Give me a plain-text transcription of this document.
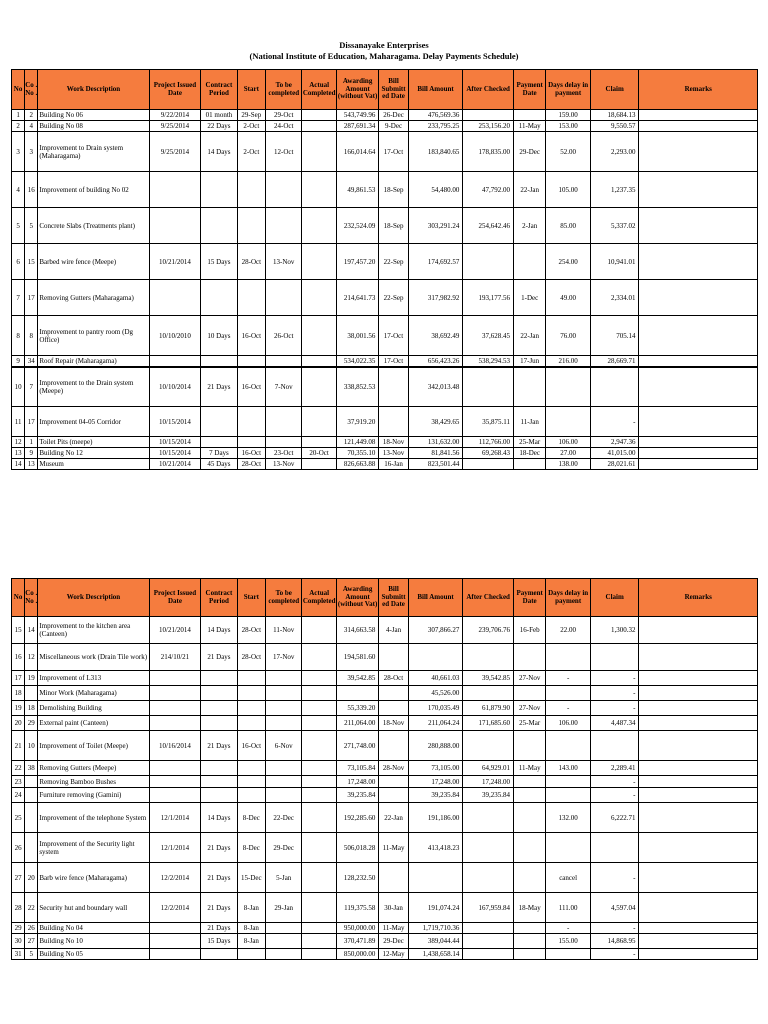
Dissanayake Enterprises
(National Institute of Education, Maharagama. Delay Payments Schedule)
No	Co . No .	Work Description	Project Issued Date	Contract Period	Start	To be completed	Actual Completed	Awarding Amount (without Vat)	Bill Submitt ed Date	Bill Amount	After Checked	Payment Date	Days delay in payment	Claim	Remarks
1	2	Building No 06	9/22/2014	01 month	29-Sep	29-Oct		543,749.96	26-Dec	476,569.36			159.00	18,684.13	
2	4	Building No 08	9/25/2014	22 Days	2-Oct	24-Oct		287,691.34	9-Dec	233,795.25	253,156.20	11-May	153.00	9,550.57	
3	3	Improvement to Drain system (Maharagama)	9/25/2014	14 Days	2-Oct	12-Oct		166,014.64	17-Oct	183,840.65	178,835.00	29-Dec	52.00	2,293.00	
4	16	Improvement of building No 02						49,861.53	18-Sep	54,480.00	47,792.00	22-Jan	105.00	1,237.35	
5	5	Concrete Slabs (Treatments plant)						232,524.09	18-Sep	303,291.24	254,642.46	2-Jan	85.00	5,337.02	
6	15	Barbed wire fence (Meepe)	10/21/2014	15 Days	28-Oct	13-Nov		197,457.20	22-Sep	174,692.57			254.00	10,941.01	
7	17	Removing Gutters (Maharagama)						214,641.73	22-Sep	317,982.92	193,177.56	1-Dec	49.00	2,334.01	
8	8	Improvement to pantry room (Dg Office)	10/10/2010	10 Days	16-Oct	26-Oct		38,001.56	17-Oct	38,692.49	37,628.45	22-Jan	76.00	705.14	
9	34	Roof Repair (Maharagama)						534,022.35	17-Oct	656,423.26	538,294.53	17-Jun	216.00	28,669.71	
10	7	Improvement to the Drain system (Meepe)	10/10/2014	21 Days	16-Oct	7-Nov		338,852.53		342,013.48					
11	17	Improvement 04-05 Corridor	10/15/2014					37,919.20		38,429.65	35,875.11	11-Jan		-	
12	1	Toilet Pits (meepe)	10/15/2014					121,449.08	18-Nov	131,632.00	112,766.00	25-Mar	106.00	2,947.36	
13	9	Building No 12	10/15/2014	7 Days	16-Oct	23-Oct	20-Oct	70,355.10	13-Nov	81,841.56	69,268.43	18-Dec	27.00	41,015.00	
14	13	Museum	10/21/2014	45 Days	28-Oct	13-Nov		826,663.88	16-Jan	823,501.44			138.00	28,021.61	
No	Co . No .	Work Description	Project Issued Date	Contract Period	Start	To be completed	Actual Completed	Awarding Amount (without Vat)	Bill Submitt ed Date	Bill Amount	After Checked	Payment Date	Days delay in payment	Claim	Remarks
15	14	Improvement to the kitchen area (Canteen)	10/21/2014	14 Days	28-Oct	11-Nov		314,663.58	4-Jan	307,866.27	239,706.76	16-Feb	22.00	1,300.32	
16	12	Miscellaneous work (Drain Tile work)	214/10/21	21 Days	28-Oct	17-Nov		194,581.60							
17	19	Improvement of L313						39,542.85	28-Oct	40,661.03	39,542.85	27-Nov	-	-	
18		Minor Work (Maharagama)								45,526.00				-	
19	18	Demolishing Building						55,339.20		170,035.49	61,879.90	27-Nov	-	-	
20	29	External paint (Canteen)						211,064.00	18-Nov	211,064.24	171,685.60	25-Mar	106.00	4,487.34	
21	10	Improvement of Toilet (Meepe)	10/16/2014	21 Days	16-Oct	6-Nov		271,748.00		280,888.00					
22	38	Removing Gutters (Meepe)						73,105.84	28-Nov	73,105.00	64,929.01	11-May	143.00	2,289.41	
23		Removing Bamboo Bushes						17,248.00		17,248.00	17,248.00			-	
24		Furniture removing (Gamini)						39,235.84		39,235.84	39,235.84			-	
25		Improvement of the telephone System	12/1/2014	14 Days	8-Dec	22-Dec		192,285.60	22-Jan	191,186.00			132.00	6,222.71	
26		Improvement of the Security light system	12/1/2014	21 Days	8-Dec	29-Dec		506,018.28	11-May	413,418.23					
27	20	Barb wire fence (Maharagama)	12/2/2014	21 Days	15-Dec	5-Jan		128,232.50					cancel	-	
28	22	Security hut and boundary wall	12/2/2014	21 Days	8-Jan	29-Jan		119,375.58	30-Jan	191,074.24	167,959.84	18-May	111.00	4,597.04	
29	26	Building No 04		21 Days	8-Jan			950,000.00	11-May	1,719,710.36			-	-	
30	27	Building No 10		15 Days	8-Jan			370,471.89	29-Dec	389,044.44			155.00	14,868.95	
31	5	Building No 05						850,000.00	12-May	1,438,658.14				-	
